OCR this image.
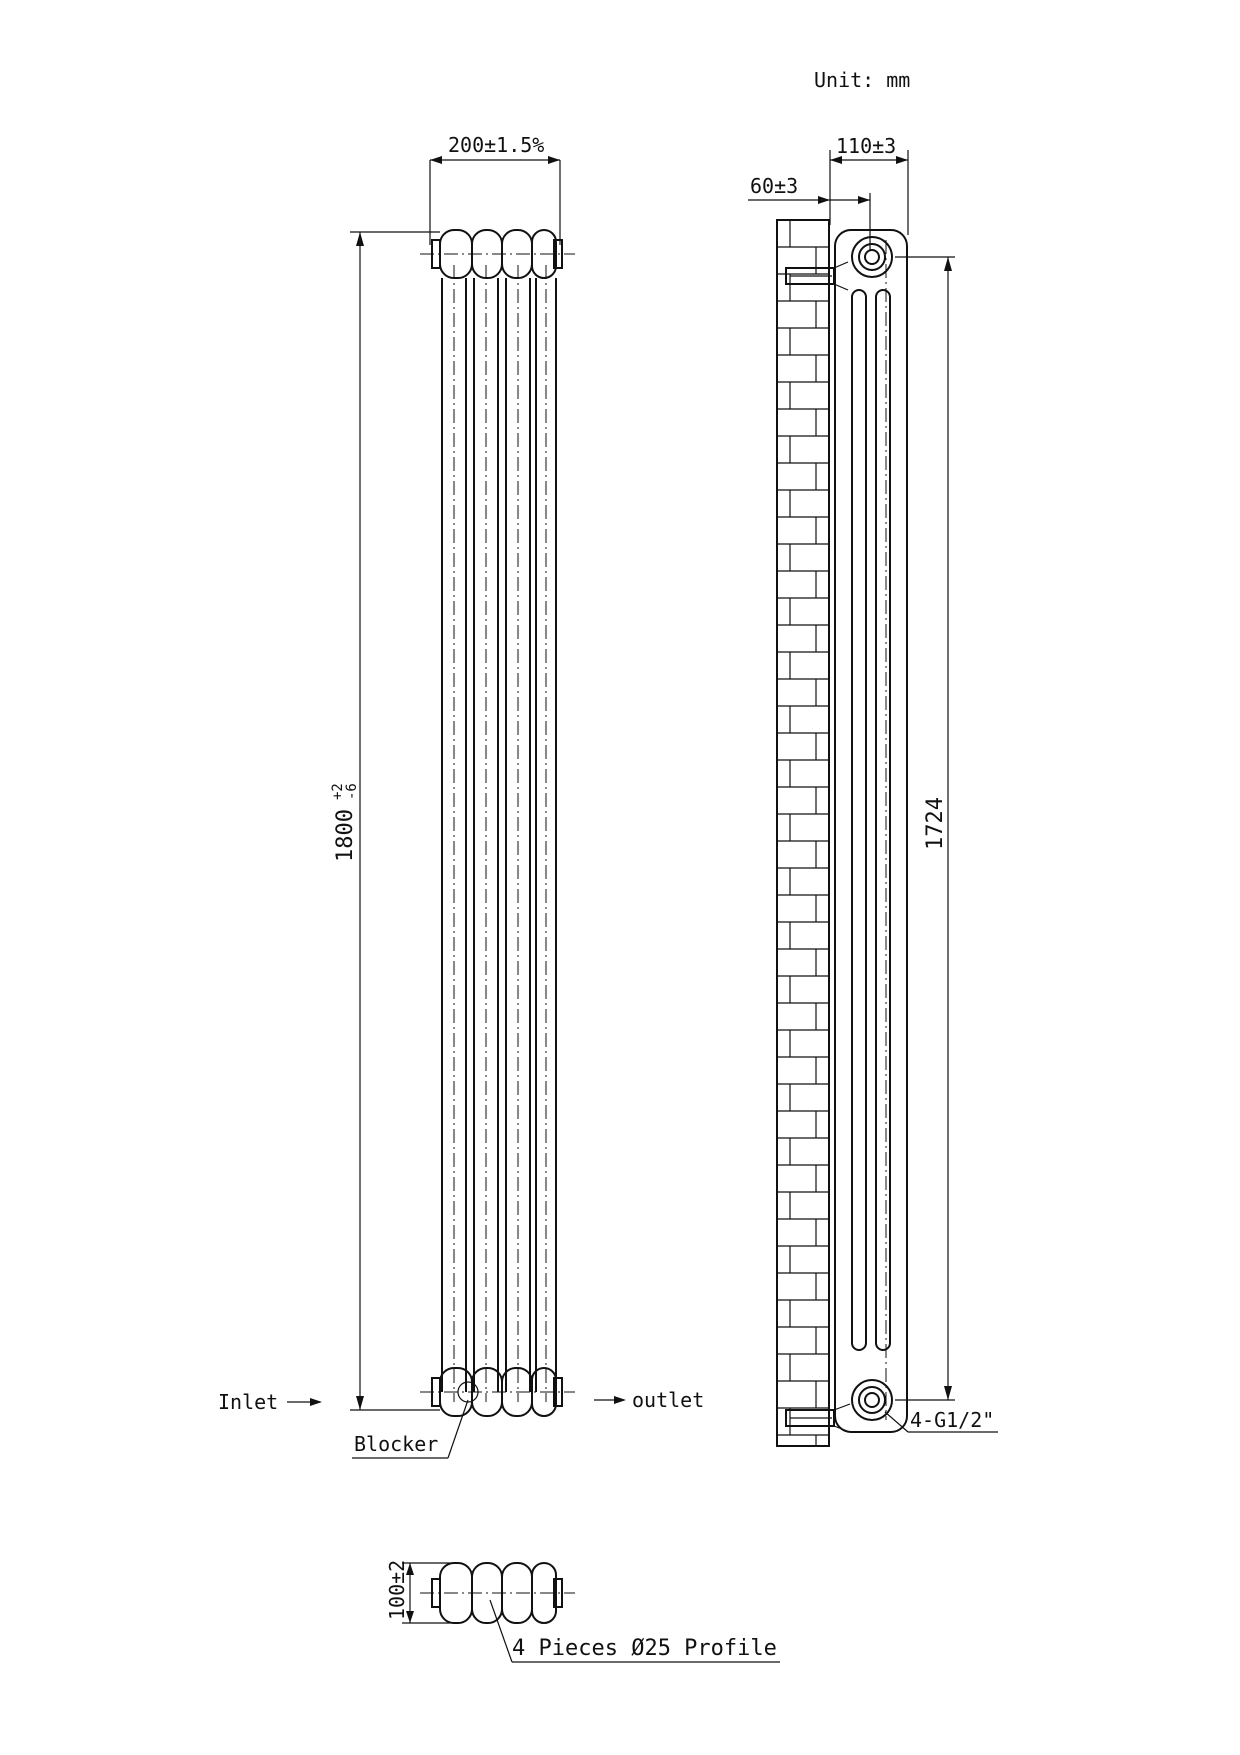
Unit: mm
200±1.5%
1800
+2
-6
Inlet	outlet
Blocker
110±3
60±3
1724
4-G1/2"
100±2
4 Pieces Ø25 Profile
